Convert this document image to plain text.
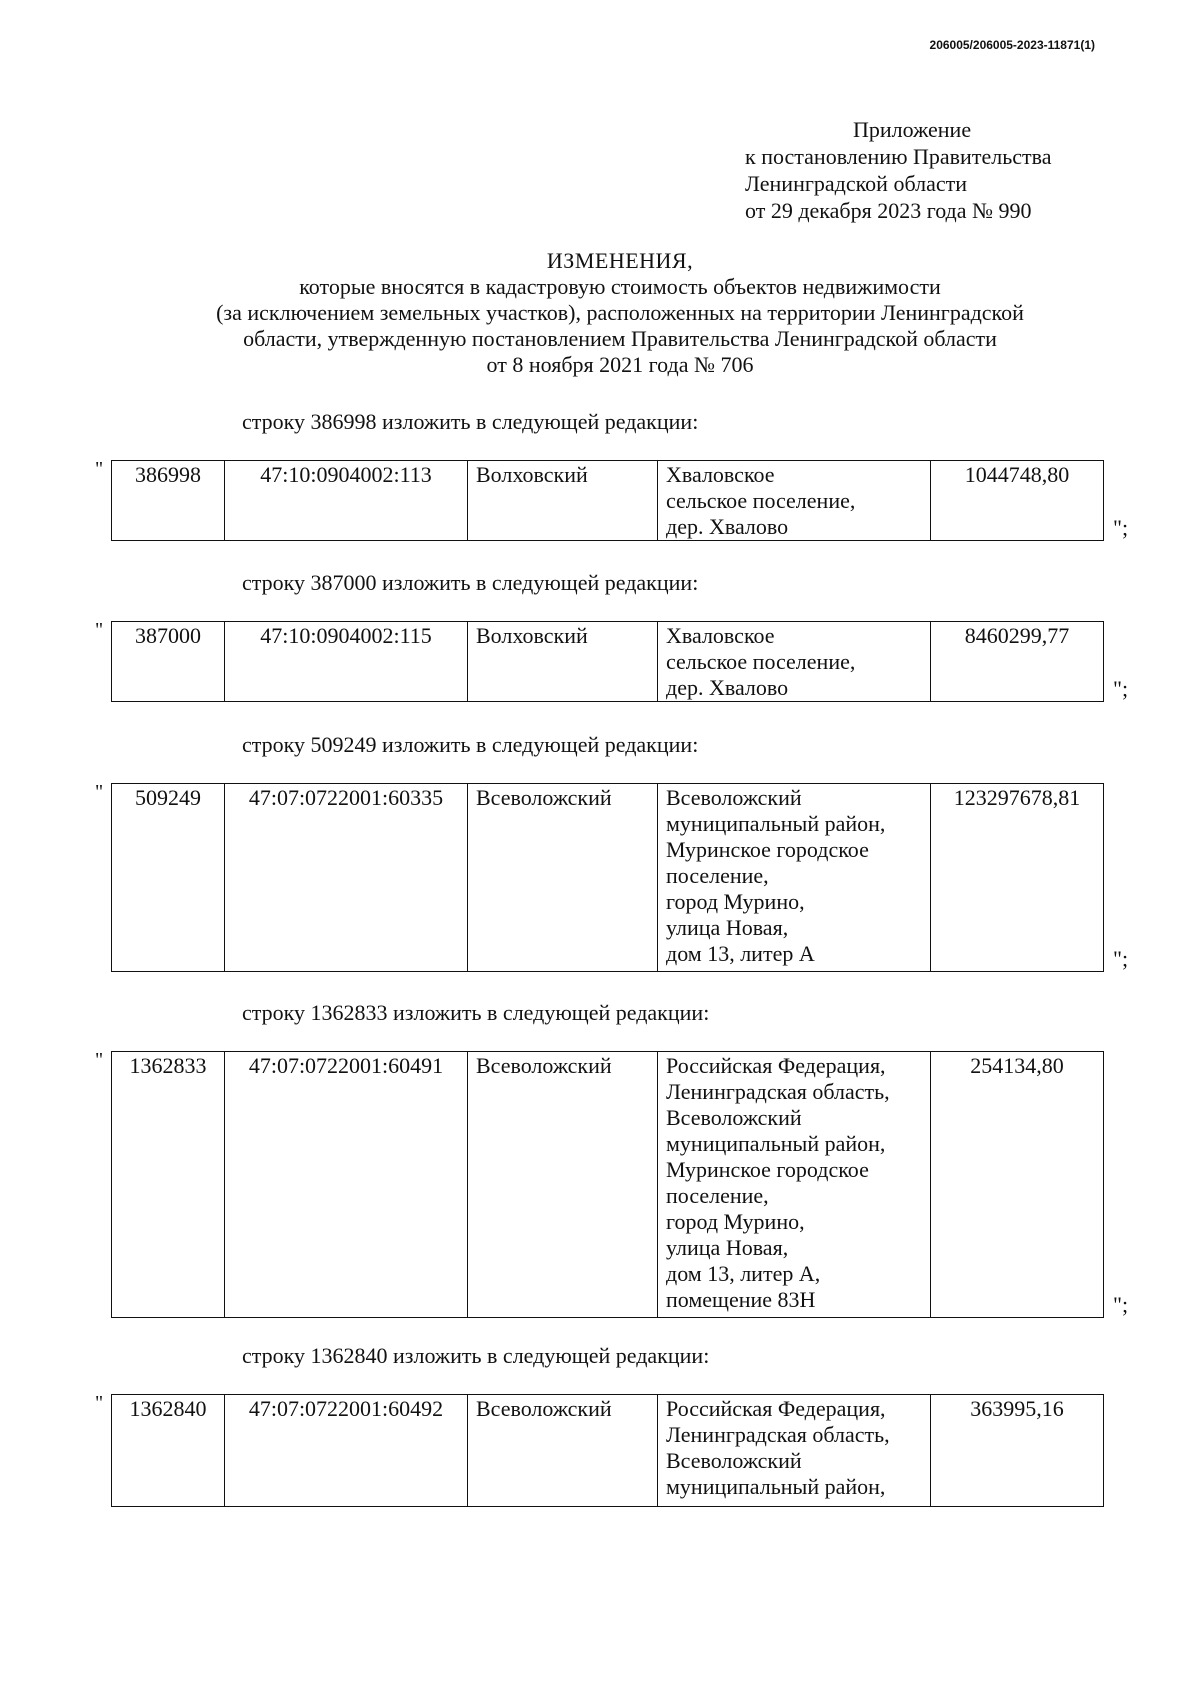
206005/206005-2023-11871(1)
Приложение
к постановлению Правительства
Ленинградской области
от 29 декабря 2023 года № 990
ИЗМЕНЕНИЯ,
которые вносятся в кадастровую стоимость объектов недвижимости
(за исключением земельных участков), расположенных на территории Ленинградской
области, утвержденную постановлением Правительства Ленинградской области
от 8 ноября 2021 года № 706
строку 386998 изложить в следующей редакции:
" 386998	47:10:0904002:113	Волховский	Хваловское
сельское поселение,
дер. Хвалово
	1044748,80
";
строку 387000 изложить в следующей редакции:
" 387000	47:10:0904002:115	Волховский	Хваловское
сельское поселение,
дер. Хвалово
	8460299,77
";
строку 509249 изложить в следующей редакции:
" 509249	47:07:0722001:60335	Всеволожский	Всеволожский
муниципальный район,
Муринское городское
поселение,
город Мурино,
улица Новая,
дом 13, литер А
	123297678,81
";
строку 1362833 изложить в следующей редакции:
" 1362833	47:07:0722001:60491	Всеволожский	Российская Федерация,
Ленинградская область,
Всеволожский
муниципальный район,
Муринское городское
поселение,
город Мурино,
улица Новая,
дом 13, литер А,
помещение 83Н
	254134,80
";
строку 1362840 изложить в следующей редакции:
" 1362840	47:07:0722001:60492	Всеволожский	Российская Федерация,
Ленинградская область,
Всеволожский
муниципальный район,
	363995,16
